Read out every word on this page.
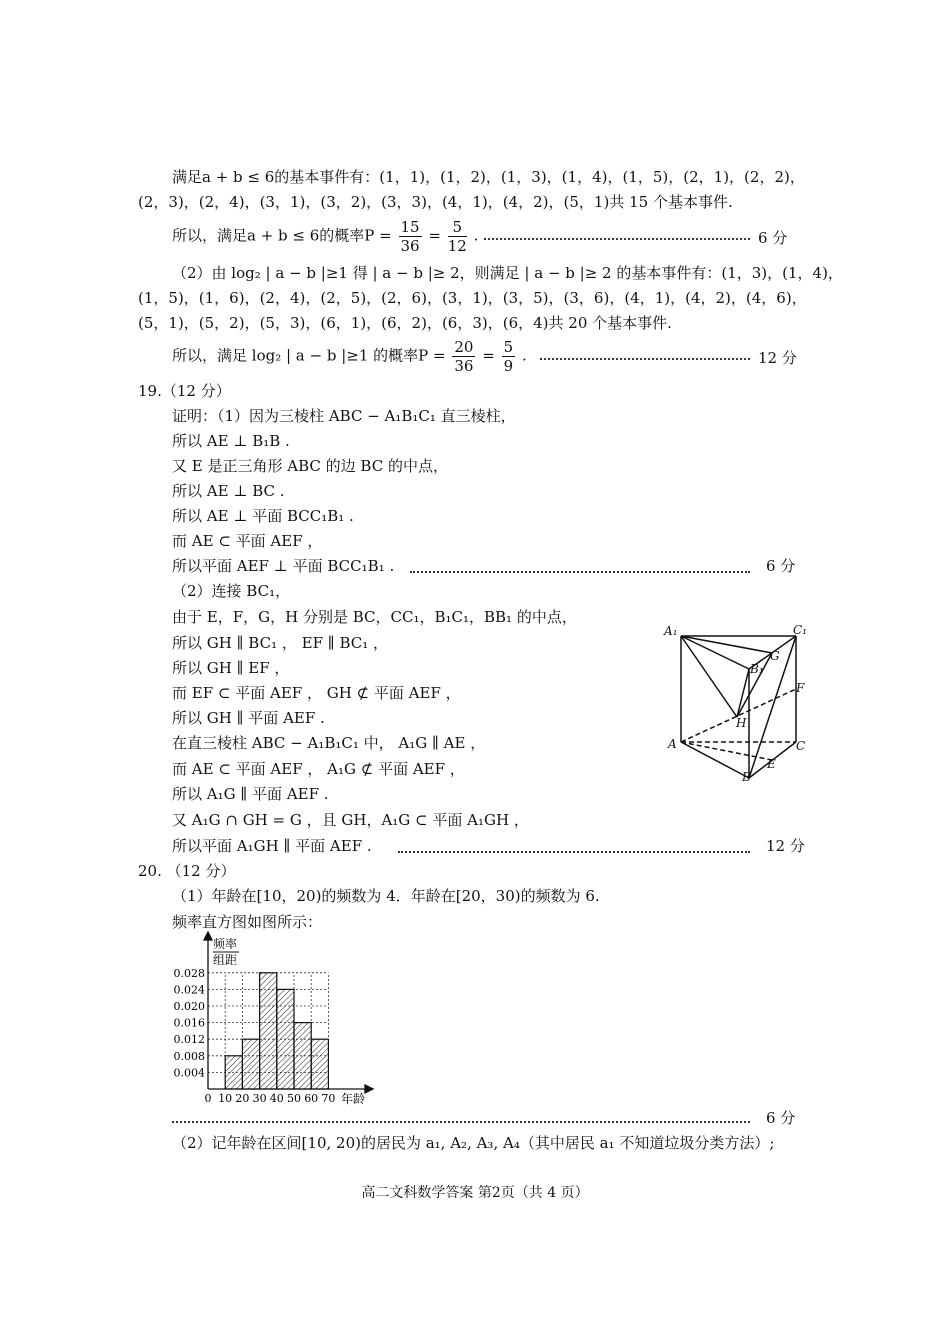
满足a + b ≤ 6的基本事件有：(1，1)，(1，2)，(1，3)，(1，4)，(1，5)，(2，1)，(2，2)，
(2，3)，(2，4)，(3，1)，(3，2)，(3，3)，(4，1)，(4，2)，(5，1)共 15 个基本事件.
所以，满足a + b ≤ 6的概率$P = \frac{15}{36} = \frac{5}{12}$ .	6 分
（2）由 log₂ | a − b |≥1 得 | a − b |≥ 2，则满足 | a − b |≥ 2 的基本事件有：(1，3)，(1，4)，
(1，5)，(1，6)，(2，4)，(2，5)，(2，6)，(3，1)，(3，5)，(3，6)，(4，1)，(4，2)，(4，6)，
(5，1)，(5，2)，(5，3)，(6，1)，(6，2)，(6，3)，(6，4)共 20 个基本事件.
所以，满足 log₂ | a − b |≥1 的概率$P = \frac{20}{36} = \frac{5}{9}$ .	12 分
19.（12 分）
证明：（1）因为三棱柱 ABC − A₁B₁C₁ 直三棱柱，
所以 AE ⊥ B₁B .
又 E 是正三角形 ABC 的边 BC 的中点，
所以 AE ⊥ BC .
所以 AE ⊥ 平面 BCC₁B₁ .
而 AE ⊂ 平面 AEF ，
所以平面 AEF ⊥ 平面 BCC₁B₁ .	6 分
（2）连接 BC₁，
由于 E，F，G，H 分别是 BC，CC₁，B₁C₁，BB₁ 的中点，
所以 GH ∥ BC₁ ， EF ∥ BC₁ ，
所以 GH ∥ EF ，
而 EF ⊂ 平面 AEF ， GH ⊄ 平面 AEF ，
所以 GH ∥ 平面 AEF .
在直三棱柱 ABC − A₁B₁C₁ 中， A₁G ∥ AE ，
而 AE ⊂ 平面 AEF ， A₁G ⊄ 平面 AEF ，
所以 A₁G ∥ 平面 AEF .
又 A₁G ∩ GH = G ，且 GH，A₁G ⊂ 平面 A₁GH ，
所以平面 A₁GH ∥ 平面 AEF .	12 分
A₁	C₁
B₁
G
F
H
A	C
E
B
20. （12 分）
（1）年龄在[10，20)的频数为 4．年龄在[20，30)的频数为 6.
频率直方图如图所示：
频率
组距
0.004
0.008
0.012
0.016
0.020
0.024
0.028
0 10 20 30 40 50 60 70 年龄
6 分
（2）记年龄在区间[10, 20)的居民为 a₁, A₂, A₃, A₄（其中居民 a₁ 不知道垃圾分类方法）;
高二文科数学答案 第2页（共 4 页）
